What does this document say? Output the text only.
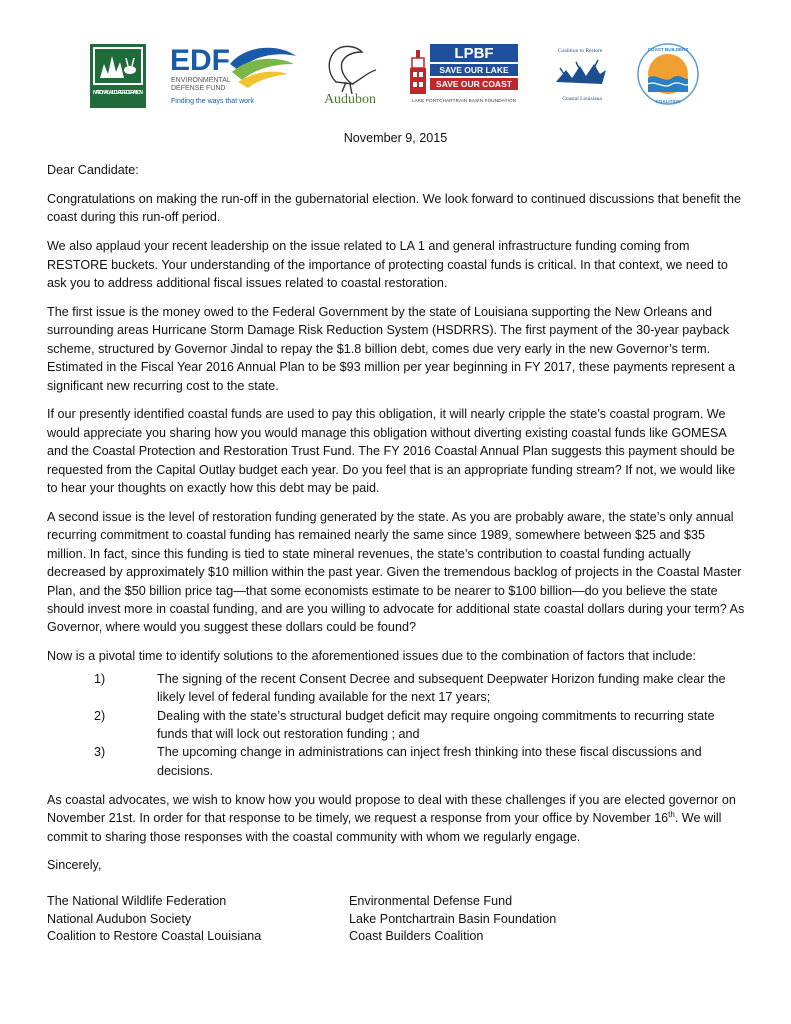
NATIONAL WILDLIFE FEDERATION
EDF
ENVIRONMENTAL
DEFENSE FUND
Finding the ways that work	Audubon
LPBF
SAVE OUR LAKE
SAVE OUR COAST
LAKE PONTCHARTRAIN BASIN FOUNDATION
Coalition to Restore
Coastal Louisiana
COAST BUILDERS
COALITION
November 9, 2015

Dear Candidate:

Congratulations on making the run-off in the gubernatorial election. We look forward to continued discussions that benefit the coast during this run-off period.

We also applaud your recent leadership on the issue related to LA 1 and general infrastructure funding coming from RESTORE buckets. Your understanding of the importance of protecting coastal funds is critical. In that context, we need to ask you to address additional fiscal issues related to coastal restoration.

The first issue is the money owed to the Federal Government by the state of Louisiana supporting the New Orleans and surrounding areas Hurricane Storm Damage Risk Reduction System (HSDRRS). The first payment of the 30-year payback scheme, structured by Governor Jindal to repay the $1.8 billion debt, comes due very early in the new Governor’s term. Estimated in the Fiscal Year 2016 Annual Plan to be $93 million per year beginning in FY 2017, these payments represent a significant new recurring cost to the state.

If our presently identified coastal funds are used to pay this obligation, it will nearly cripple the state’s coastal program. We would appreciate you sharing how you would manage this obligation without diverting existing coastal funds like GOMESA and the Coastal Protection and Restoration Trust Fund. The FY 2016 Coastal Annual Plan suggests this payment should be requested from the Capital Outlay budget each year. Do you feel that is an appropriate funding stream? If not, we would like to hear your thoughts on exactly how this debt may be paid.

A second issue is the level of restoration funding generated by the state. As you are probably aware, the state’s only annual recurring commitment to coastal funding has remained nearly the same since 1989, somewhere between $25 and $35 million. In fact, since this funding is tied to state mineral revenues, the state’s contribution to coastal funding actually decreased by approximately $10 million within the past year. Given the tremendous backlog of projects in the Coastal Master Plan, and the $50 billion price tag—that some economists estimate to be nearer to $100 billion—do you believe the state should invest more in coastal funding, and are you willing to advocate for additional state coastal dollars during your term? As Governor, where would you suggest these dollars could be found?

Now is a pivotal time to identify solutions to the aforementioned issues due to the combination of factors that include:

1)	The signing of the recent Consent Decree and subsequent Deepwater Horizon funding make clear the likely level of federal funding available for the next 17 years;
2)	Dealing with the state’s structural budget deficit may require ongoing commitments to recurring state funds that will lock out restoration funding ; and
3)	The upcoming change in administrations can inject fresh thinking into these fiscal discussions and decisions.

As coastal advocates, we wish to know how you would propose to deal with these challenges if you are elected governor on November 21st. In order for that response to be timely, we request a response from your office by November 16th. We will commit to sharing those responses with the coastal community with whom we regularly engage.

Sincerely,

The National Wildlife Federation	Environmental Defense Fund
National Audubon Society	Lake Pontchartrain Basin Foundation
Coalition to Restore Coastal Louisiana	Coast Builders Coalition
